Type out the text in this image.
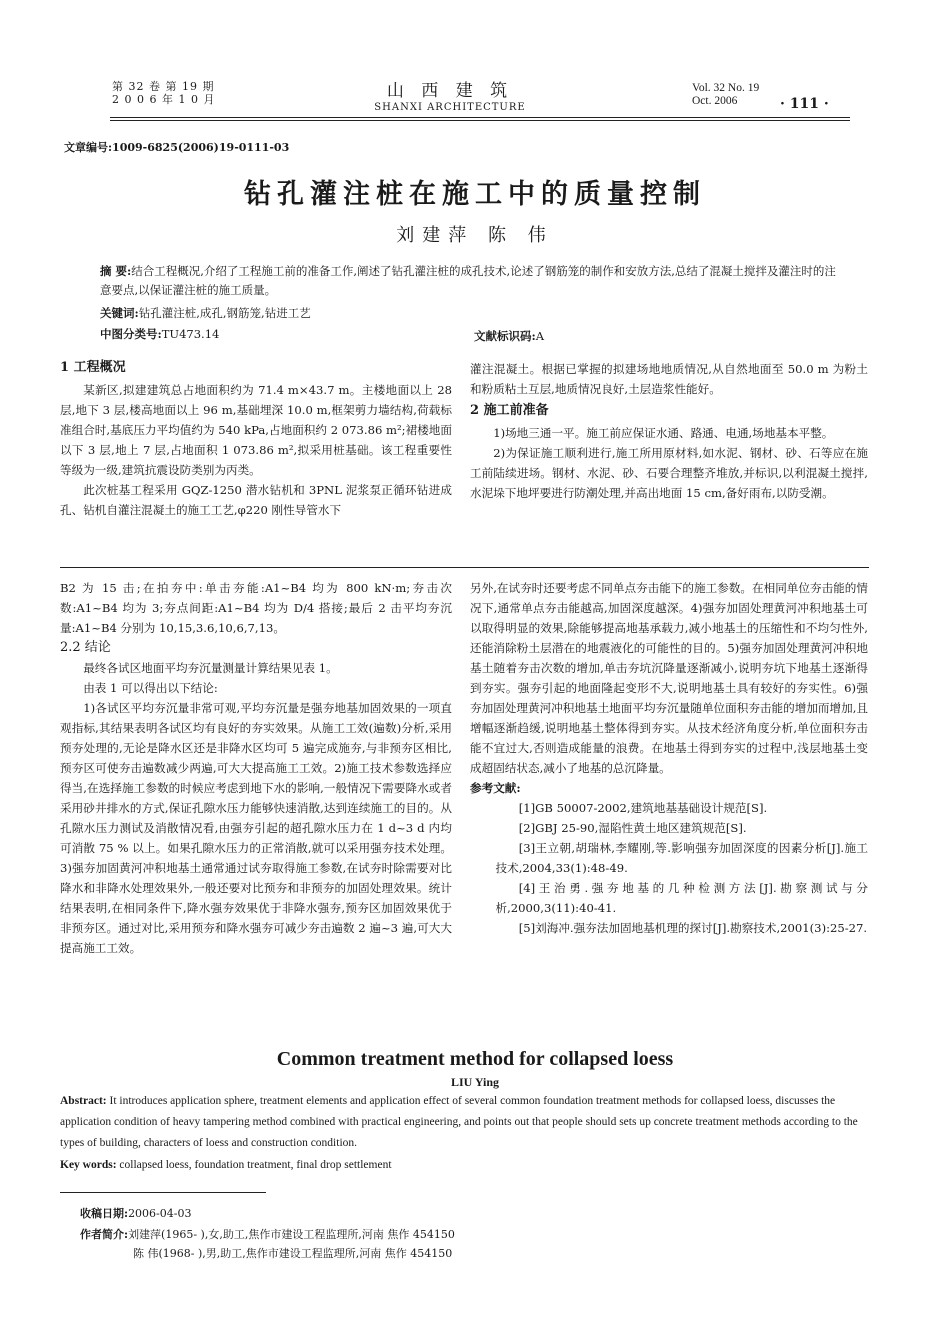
第 32 卷 第 19 期
2 0 0 6 年 1 0 月	山 西 建 筑
SHANXI ARCHITECTURE
Vol. 32 No. 19
Oct. 2006	· 111 ·
文章编号:1009-6825(2006)19-0111-03
钻孔灌注桩在施工中的质量控制
刘建萍 陈 伟
摘 要:结合工程概况,介绍了工程施工前的准备工作,阐述了钻孔灌注桩的成孔技术,论述了钢筋笼的制作和安放方法,总结了混凝土搅拌及灌注时的注意要点,以保证灌注桩的施工质量。
关键词:钻孔灌注桩,成孔,钢筋笼,钻进工艺
中图分类号:TU473.14	文献标识码:A
1 工程概况

某新区,拟建建筑总占地面积约为 71.4 m×43.7 m。主楼地面以上 28 层,地下 3 层,楼高地面以上 96 m,基础埋深 10.0 m,框架剪力墙结构,荷载标准组合时,基底压力平均值约为 540 kPa,占地面积约 2 073.86 m²;裙楼地面以下 3 层,地上 7 层,占地面积 1 073.86 m²,拟采用桩基础。该工程重要性等级为一级,建筑抗震设防类别为丙类。

此次桩基工程采用 GQZ-1250 潜水钻机和 3PNL 泥浆泵正循环钻进成孔、钻机自灌注混凝土的施工工艺,φ220 刚性导管水下

灌注混凝土。根据已掌握的拟建场地地质情况,从自然地面至 50.0 m 为粉土和粉质粘土互层,地质情况良好,土层造浆性能好。

2 施工前准备

1)场地三通一平。施工前应保证水通、路通、电通,场地基本平整。

2)为保证施工顺利进行,施工所用原材料,如水泥、钢材、砂、石等应在施工前陆续进场。钢材、水泥、砂、石要合理整齐堆放,并标识,以利混凝土搅拌,水泥垛下地坪要进行防潮处理,并高出地面 15 cm,备好雨布,以防受潮。

B2 为 15 击;在拍夯中:单击夯能:A1~B4 均为 800 kN·m;夯击次数:A1~B4 均为 3;夯点间距:A1~B4 均为 D/4 搭接;最后 2 击平均夯沉量:A1~B4 分别为 10,15,3.6,10,6,7,13。

2.2 结论

最终各试区地面平均夯沉量测量计算结果见表 1。

由表 1 可以得出以下结论:

1)各试区平均夯沉量非常可观,平均夯沉量是强夯地基加固效果的一项直观指标,其结果表明各试区均有良好的夯实效果。从施工工效(遍数)分析,采用预夯处理的,无论是降水区还是非降水区均可 5 遍完成施夯,与非预夯区相比,预夯区可使夯击遍数减少两遍,可大大提高施工工效。2)施工技术参数选择应得当,在选择施工参数的时候应考虑到地下水的影响,一般情况下需要降水或者采用砂井排水的方式,保证孔隙水压力能够快速消散,达到连续施工的目的。从孔隙水压力测试及消散情况看,由强夯引起的超孔隙水压力在 1 d~3 d 内均可消散 75 % 以上。如果孔隙水压力的正常消散,就可以采用强夯技术处理。3)强夯加固黄河冲积地基土通常通过试夯取得施工参数,在试夯时除需要对比降水和非降水处理效果外,一般还要对比预夯和非预夯的加固处理效果。统计结果表明,在相同条件下,降水强夯效果优于非降水强夯,预夯区加固效果优于非预夯区。通过对比,采用预夯和降水强夯可减少夯击遍数 2 遍~3 遍,可大大提高施工工效。

另外,在试夯时还要考虑不同单点夯击能下的施工参数。在相同单位夯击能的情况下,通常单点夯击能越高,加固深度越深。4)强夯加固处理黄河冲积地基土可以取得明显的效果,除能够提高地基承载力,减小地基土的压缩性和不均匀性外,还能消除粉土层潜在的地震液化的可能性的目的。5)强夯加固处理黄河冲积地基土随着夯击次数的增加,单击夯坑沉降量逐渐减小,说明夯坑下地基土逐渐得到夯实。强夯引起的地面隆起变形不大,说明地基土具有较好的夯实性。6)强夯加固处理黄河冲积地基土地面平均夯沉量随单位面积夯击能的增加而增加,且增幅逐渐趋缓,说明地基土整体得到夯实。从技术经济角度分析,单位面积夯击能不宜过大,否则造成能量的浪费。在地基土得到夯实的过程中,浅层地基土变成超固结状态,减小了地基的总沉降量。

参考文献:

[1]GB 50007-2002,建筑地基基础设计规范[S].

[2]GBJ 25-90,湿陷性黄土地区建筑规范[S].

[3]王立朝,胡瑞林,李耀刚,等.影响强夯加固深度的因素分析[J].施工技术,2004,33(1):48-49.

[4]王治勇.强夯地基的几种检测方法[J].勘察测试与分析,2000,3(11):40-41.

[5]刘海冲.强夯法加固地基机理的探讨[J].勘察技术,2001(3):25-27.

Common treatment method for collapsed loess
LIU Ying
Abstract: It introduces application sphere, treatment elements and application effect of several common foundation treatment methods for collapsed loess, discusses the application condition of heavy tampering method combined with practical engineering, and points out that people should sets up concrete treatment methods according to the types of building, characters of loess and construction condition.
Key words: collapsed loess, foundation treatment, final drop settlement
收稿日期:2006-04-03
作者简介:刘建萍(1965- ),女,助工,焦作市建设工程监理所,河南 焦作 454150
陈 伟(1968- ),男,助工,焦作市建设工程监理所,河南 焦作 454150
